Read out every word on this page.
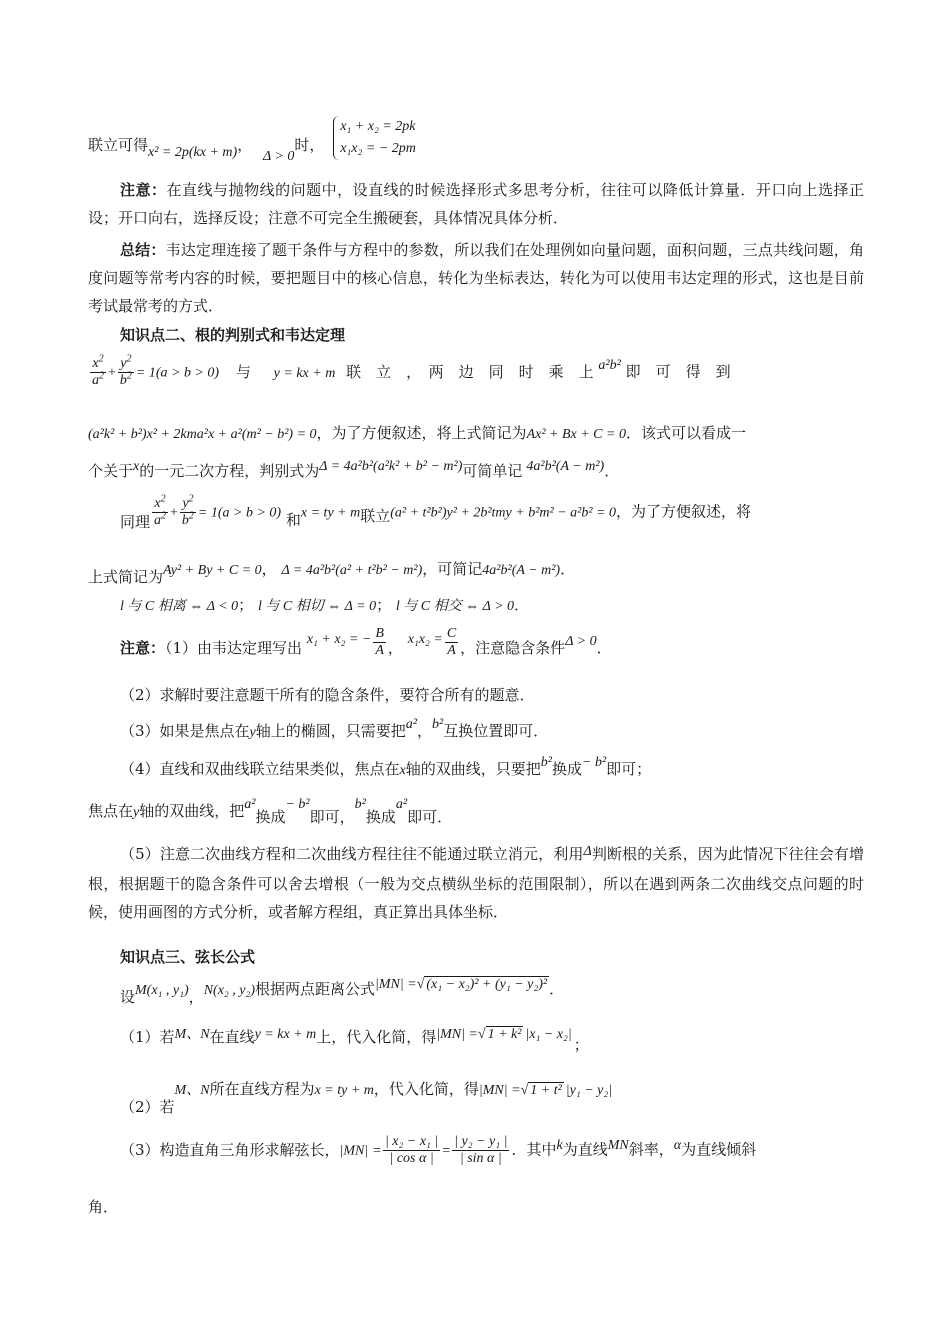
联立可得x² = 2p(kx + m)， Δ > 0时，
x₁ + x₂ = 2pk
x₁x₂ = − 2pm
注意：在直线与抛物线的问题中，设直线的时候选择形式多思考分析，往往可以降低计算量．开口向上选择正设；开口向右，选择反设；注意不可完全生搬硬套，具体情况具体分析．
总结：韦达定理连接了题干条件与方程中的参数，所以我们在处理例如向量问题，面积问题，三点共线问题，角度问题等常考内容的时候，要把题目中的核心信息，转化为坐标表达，转化为可以使用韦达定理的形式，这也是目前考试最常考的方式．
知识点二、根的判别式和韦达定理
$\frac{x^2}{a^2} + \frac{y^2}{b^2} = 1(a > b > 0)$ 与 y = kx + m 联　立　，　两　边　同　时　乘　上 a²b² 即　可　得　到
(a²k² + b²)x² + 2kma²x + a²(m² − b²) = 0，为了方便叙述，将上式简记为Ax² + Bx + C = 0．该式可以看成一
个关于x的一元二次方程，判别式为Δ = 4a²b²(a²k² + b² − m²)可简单记 4a²b²(A − m²)．
同理 $\frac{x^2}{a^2} + \frac{y^2}{b^2} = 1(a > b > 0)$ 和x = ty + m联立(a² + t²b²)y² + 2b²tmy + b²m² − a²b² = 0，为了方便叙述，将
上式简记为Ay² + By + C = 0， Δ = 4a²b²(a² + t²b² − m²)，可简记4a²b²(A − m²)．
l 与 C 相离 ⇔ Δ < 0； l 与 C 相切 ⇔ Δ = 0； l 与 C 相交 ⇔ Δ > 0．
注意：（1）由韦达定理写出 x₁ + x₂ = − $\frac{B}{A}$ ， $x_1x_2 = \frac{C}{A}$ ，注意隐含条件Δ > 0．
（2）求解时要注意题干所有的隐含条件，要符合所有的题意．
（3）如果是焦点在y轴上的椭圆，只需要把a²，b²互换位置即可．
（4）直线和双曲线联立结果类似，焦点在x轴的双曲线，只要把b²换成− b²即可；
焦点在y轴的双曲线，把a²换成− b²即可，b²换成a²即可．
（5）注意二次曲线方程和二次曲线方程往往不能通过联立消元，利用Δ判断根的关系，因为此情况下往往会有增根，根据题干的隐含条件可以舍去增根（一般为交点横纵坐标的范围限制），所以在遇到两条二次曲线交点问题的时候，使用画图的方式分析，或者解方程组，真正算出具体坐标．
知识点三、弦长公式
设M(x₁ , y₁)，N(x₂ , y₂)根据两点距离公式|MN| =√ (x₁ − x₂)² + (y₁ − y₂)² ．
（1）若M、N在直线y = kx + m上，代入化简，得|MN| =√ 1 + k² |x₁ − x₂|；
（2）若M、N所在直线方程为x = ty + m，代入化简，得|MN| =√ 1 + t² |y₁ − y₂|
（3）构造直角三角形求解弦长，$|MN| = \frac{\text{| x₂ − x₁ |}}{\text{| cos α |}} = \frac{\text{| y₂ − y₁ |}}{\text{| sin α |}}$ ．其中k为直线MN斜率，α为直线倾斜
角．
